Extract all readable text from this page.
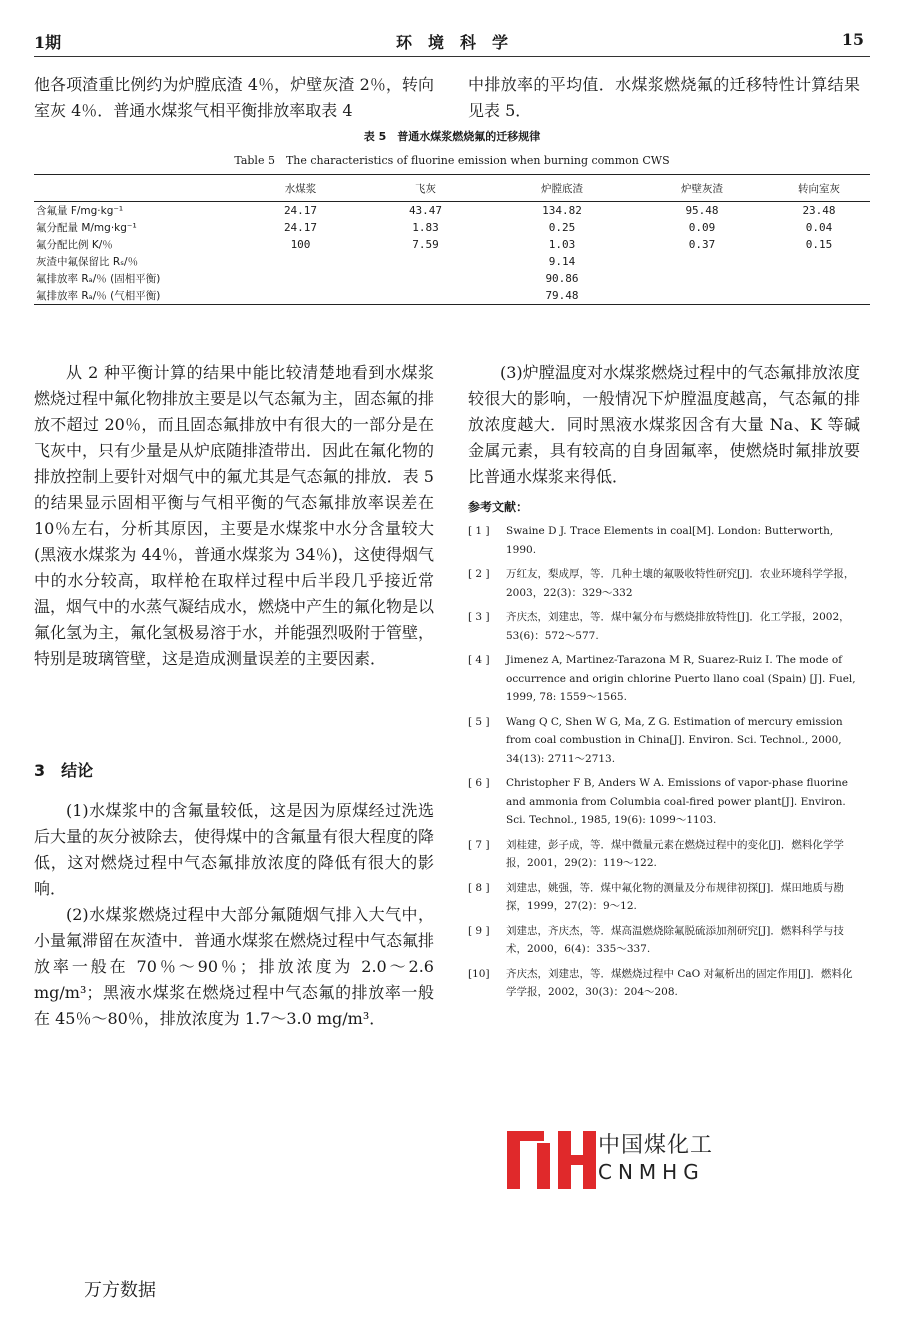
1期	环　境　科　学	15

他各项渣重比例约为炉膛底渣 4％，炉壁灰渣 2％，转向室灰 4％．普通水煤浆气相平衡排放率取表 4

中排放率的平均值．水煤浆燃烧氟的迁移特性计算结果见表 5．

表 5　普通水煤浆燃烧氟的迁移规律
Table 5　The characteristics of fluorine emission when burning common CWS
	水煤浆	飞灰	炉膛底渣	炉壁灰渣	转向室灰
含氟量 F/mg·kg⁻¹	24.17	43.47	134.82	95.48	23.48
氟分配量 M/mg·kg⁻¹	24.17	1.83	0.25	0.09	0.04
氟分配比例 K/％	100	7.59	1.03	0.37	0.15
灰渣中氟保留比 Rₛ/％			9.14		
氟排放率 Rₐ/％ (固相平衡)			90.86		
氟排放率 Rₐ/％ (气相平衡)			79.48		

从 2 种平衡计算的结果中能比较清楚地看到水煤浆燃烧过程中氟化物排放主要是以气态氟为主，固态氟的排放不超过 20％，而且固态氟排放中有很大的一部分是在飞灰中，只有少量是从炉底随排渣带出．因此在氟化物的排放控制上要针对烟气中的氟尤其是气态氟的排放．表 5 的结果显示固相平衡与气相平衡的气态氟排放率误差在 10％左右，分析其原因，主要是水煤浆中水分含量较大(黑液水煤浆为 44％，普通水煤浆为 34％)，这使得烟气中的水分较高，取样枪在取样过程中后半段几乎接近常温，烟气中的水蒸气凝结成水，燃烧中产生的氟化物是以氟化氢为主，氟化氢极易溶于水，并能强烈吸附于管壁，特别是玻璃管壁，这是造成测量误差的主要因素．

3　结论

(1)水煤浆中的含氟量较低，这是因为原煤经过洗选后大量的灰分被除去，使得煤中的含氟量有很大程度的降低，这对燃烧过程中气态氟排放浓度的降低有很大的影响．

(2)水煤浆燃烧过程中大部分氟随烟气排入大气中，小量氟滞留在灰渣中．普通水煤浆在燃烧过程中气态氟排放率一般在 70％～90％；排放浓度为 2.0～2.6 mg/m³；黑液水煤浆在燃烧过程中气态氟的排放率一般在 45％～80％，排放浓度为 1.7～3.0 mg/m³．

(3)炉膛温度对水煤浆燃烧过程中的气态氟排放浓度较很大的影响，一般情况下炉膛温度越高，气态氟的排放浓度越大．同时黑液水煤浆因含有大量 Na、K 等碱金属元素，具有较高的自身固氟率，使燃烧时氟排放要比普通水煤浆来得低．

参考文献：
[ 1 ] Swaine D J. Trace Elements in coal[M]. London: Butterworth, 1990.
[ 2 ] 万红友，梨成厚，等．几种土壤的氟吸收特性研究[J]．农业环境科学学报，2003，22(3)：329～332
[ 3 ] 齐庆杰，刘建忠，等．煤中氟分布与燃烧排放特性[J]．化工学报，2002，53(6)：572～577.
[ 4 ] Jimenez A, Martinez-Tarazona M R, Suarez-Ruiz I. The mode of occurrence and origin chlorine Puerto llano coal (Spain) [J]. Fuel, 1999, 78: 1559～1565.
[ 5 ] Wang Q C, Shen W G, Ma, Z G. Estimation of mercury emission from coal combustion in China[J]. Environ. Sci. Technol., 2000, 34(13): 2711～2713.
[ 6 ] Christopher F B, Anders W A. Emissions of vapor-phase fluorine and ammonia from Columbia coal-fired power plant[J]. Environ. Sci. Technol., 1985, 19(6): 1099～1103.
[ 7 ] 刘桂建，彭子成，等．煤中微量元素在燃烧过程中的变化[J]．燃料化学学报，2001，29(2)：119～122.
[ 8 ] 刘建忠，姚强，等．煤中氟化物的测量及分布规律初探[J]．煤田地质与勘探，1999，27(2)：9～12.
[ 9 ] 刘建忠，齐庆杰，等．煤高温燃烧除氟脱硫添加剂研究[J]．燃料科学与技术，2000，6(4)：335～337.
[10] 齐庆杰，刘建忠，等．煤燃烧过程中 CaO 对氟析出的固定作用[J]．燃料化学学报，2002，30(3)：204～208.
中国煤化工
CNMHG
万方数据
